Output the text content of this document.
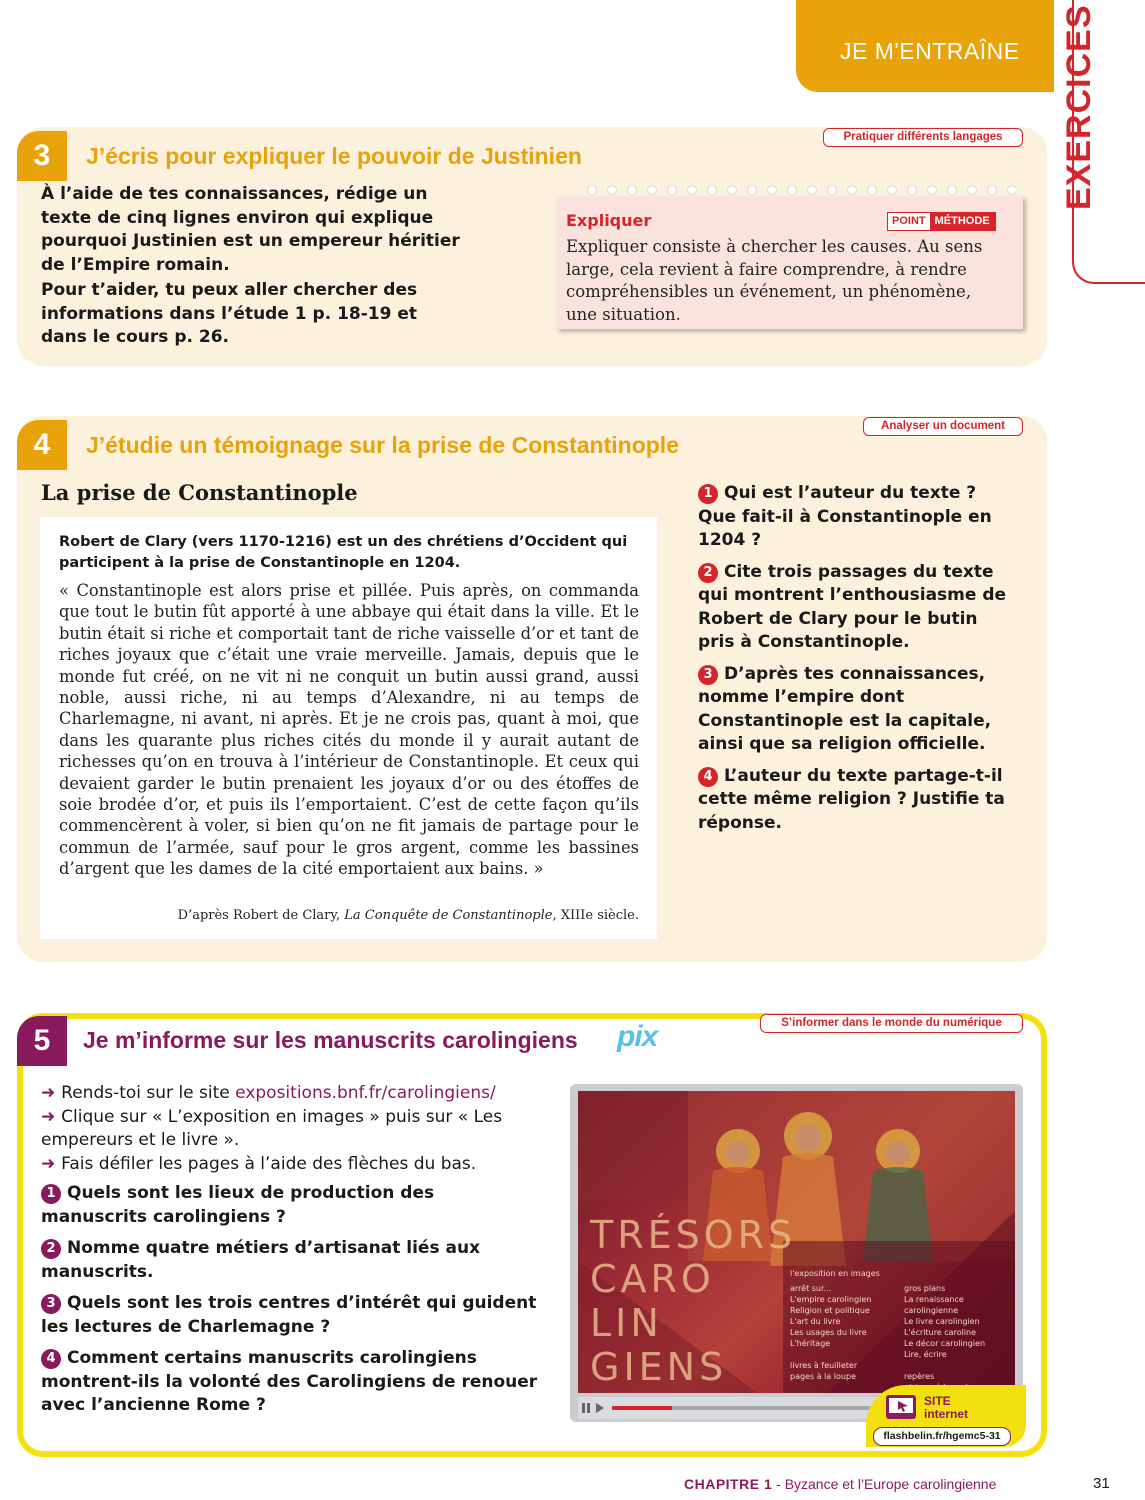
JE M'ENTRAÎNE EXERCICES
3	J’écris pour expliquer le pouvoir de Justinien
Pratiquer différents langages
À l’aide de tes connaissances, rédige un texte de cinq lignes environ qui explique pourquoi Justinien est un empereur héritier de l’Empire romain.
Pour t’aider, tu peux aller chercher des informations dans l’étude 1 p. 18-19 et dans le cours p. 26.
Expliquer	POINT MÉTHODE
Expliquer consiste à chercher les causes. Au sens large, cela revient à faire comprendre, à rendre compréhensibles un événement, un phénomène, une situation.
4	J’étudie un témoignage sur la prise de Constantinople
Analyser un document
La prise de Constantinople
Robert de Clary (vers 1170-1216) est un des chrétiens d’Occident qui participent à la prise de Constantinople en 1204.
« Constantinople est alors prise et pillée. Puis après, on commanda que tout le butin fût apporté à une abbaye qui était dans la ville. Et le butin était si riche et comportait tant de riche vaisselle d’or et tant de riches joyaux que c’était une vraie merveille. Jamais, depuis que le monde fut créé, on ne vit ni ne conquit un butin aussi grand, aussi noble, aussi riche, ni au temps d’Alexandre, ni au temps de Charlemagne, ni avant, ni après. Et je ne crois pas, quant à moi, que dans les quarante plus riches cités du monde il y aurait autant de richesses qu’on en trouva à l’intérieur de Constantinople. Et ceux qui devaient garder le butin prenaient les joyaux d’or ou des étoffes de soie brodée d’or, et puis ils l’emportaient. C’est de cette façon qu’ils commencèrent à voler, si bien qu’on ne fit jamais de partage pour le commun de l’armée, sauf pour le gros argent, comme les bassines d’argent que les dames de la cité emportaient aux bains. »
D’après Robert de Clary, La Conquête de Constantinople, XIIIe siècle.
1 Qui est l’auteur du texte ? Que fait-il à Constantinople en 1204 ?
2 Cite trois passages du texte qui montrent l’enthousiasme de Robert de Clary pour le butin pris à Constantinople.
3 D’après tes connaissances, nomme l’empire dont Constantinople est la capitale, ainsi que sa religion officielle.
4 L’auteur du texte partage-t-il cette même religion ? Justifie ta réponse.
5	Je m’informe sur les manuscrits carolingiens pix	S’informer dans le monde du numérique
➜ Rends-toi sur le site expositions.bnf.fr/carolingiens/
➜ Clique sur « L’exposition en images » puis sur « Les empereurs et le livre ».
➜ Fais défiler les pages à l’aide des flèches du bas.
1 Quels sont les lieux de production des manuscrits carolingiens ?
2 Nomme quatre métiers d’artisanat liés aux manuscrits.
3 Quels sont les trois centres d’intérêt qui guident les lectures de Charlemagne ?
4 Comment certains manuscrits carolingiens montrent-ils la volonté des Carolingiens de renouer avec l’ancienne Rome ?
l'exposition en images
arrêt sur...
L'empire carolingien
Religion et politique
L'art du livre
Les usages du livre
L'héritage
livres à feuilleter
pages à la loupe
gros plans
La renaissance carolingienne
Le livre carolingien
L'écriture caroline
Le décor carolingien
Lire, écrire
repères
TRÉSORS
CARO
LIN
GIENS
SITE
internet
flashbelin.fr/hgemc5-31
CHAPITRE 1 - Byzance et l’Europe carolingienne	31
